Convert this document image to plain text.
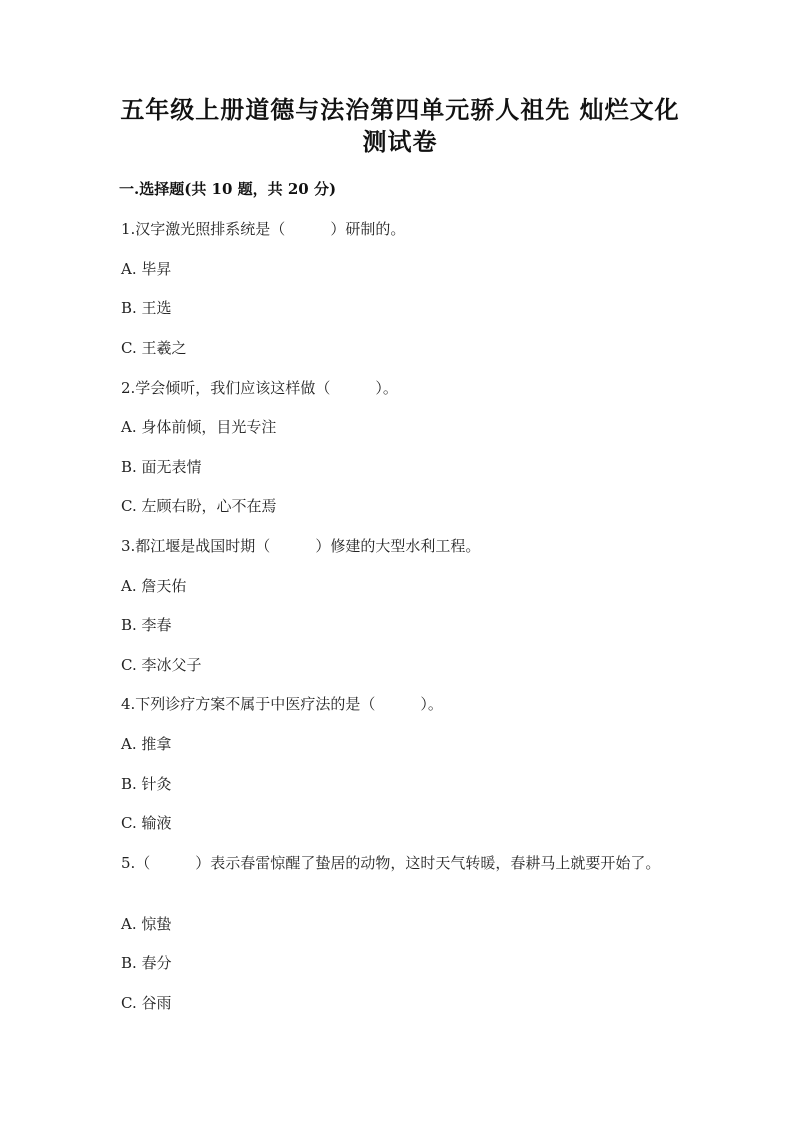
五年级上册道德与法治第四单元骄人祖先 灿烂文化
测试卷
一.选择题(共 10 题，共 20 分)
1.汉字激光照排系统是（　　　）研制的。
A. 毕昇
B. 王选
C. 王羲之
2.学会倾听，我们应该这样做（　　　）。
A. 身体前倾，目光专注
B. 面无表情
C. 左顾右盼，心不在焉
3.都江堰是战国时期（　　　）修建的大型水利工程。
A. 詹天佑
B. 李春
C. 李冰父子
4.下列诊疗方案不属于中医疗法的是（　　　）。
A. 推拿
B. 针灸
C. 输液
5.（　　　）表示春雷惊醒了蛰居的动物，这时天气转暖，春耕马上就要开始了。
A. 惊蛰
B. 春分
C. 谷雨
